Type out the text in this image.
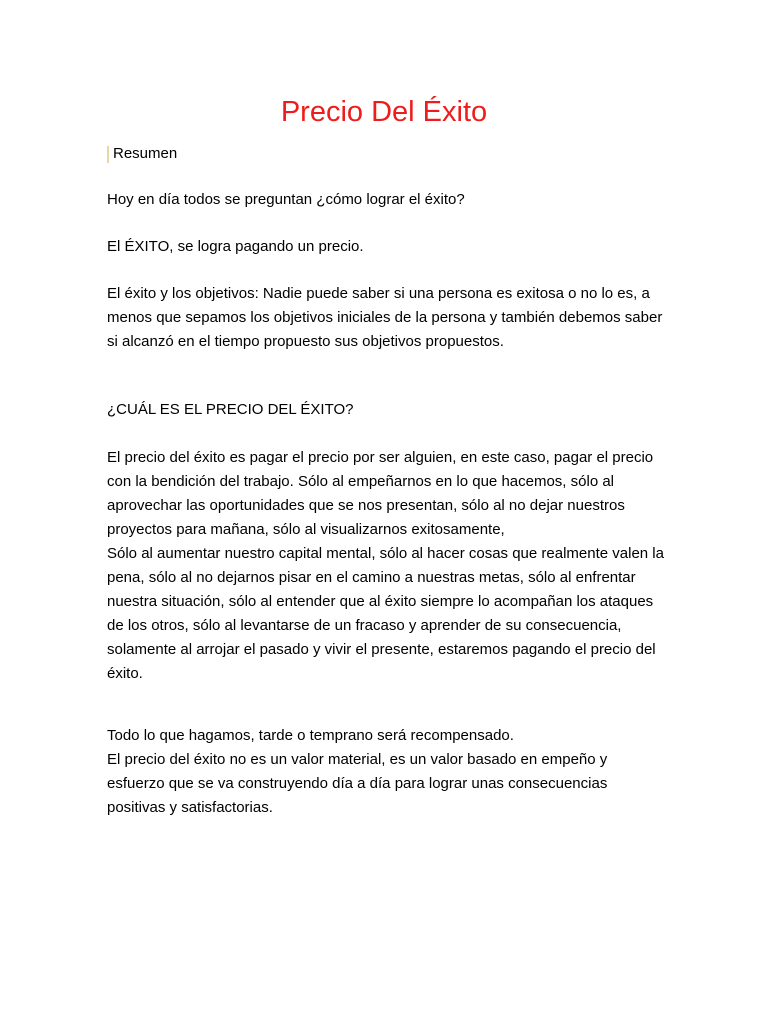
Precio Del Éxito

Resumen

Hoy en día todos se preguntan ¿cómo lograr el éxito?

El ÉXITO, se logra pagando un precio.

El éxito y los objetivos: Nadie puede saber si una persona es exitosa o no lo es, a menos que sepamos los objetivos iniciales de la persona y también debemos saber si alcanzó en el tiempo propuesto sus objetivos propuestos.

¿CUÁL ES EL PRECIO DEL ÉXITO?

El precio del éxito es pagar el precio por ser alguien, en este caso, pagar el precio con la bendición del trabajo. Sólo al empeñarnos en lo que hacemos, sólo al aprovechar las oportunidades que se nos presentan, sólo al no dejar nuestros proyectos para mañana, sólo al visualizarnos exitosamente,

Sólo al aumentar nuestro capital mental, sólo al hacer cosas que realmente valen la pena, sólo al no dejarnos pisar en el camino a nuestras metas, sólo al enfrentar nuestra situación, sólo al entender que al éxito siempre lo acompañan los ataques de los otros, sólo al levantarse de un fracaso y aprender de su consecuencia, solamente al arrojar el pasado y vivir el presente, estaremos pagando el precio del éxito.

Todo lo que hagamos, tarde o temprano será recompensado.

El precio del éxito no es un valor material, es un valor basado en empeño y esfuerzo que se va construyendo día a día para lograr unas consecuencias positivas y satisfactorias.
